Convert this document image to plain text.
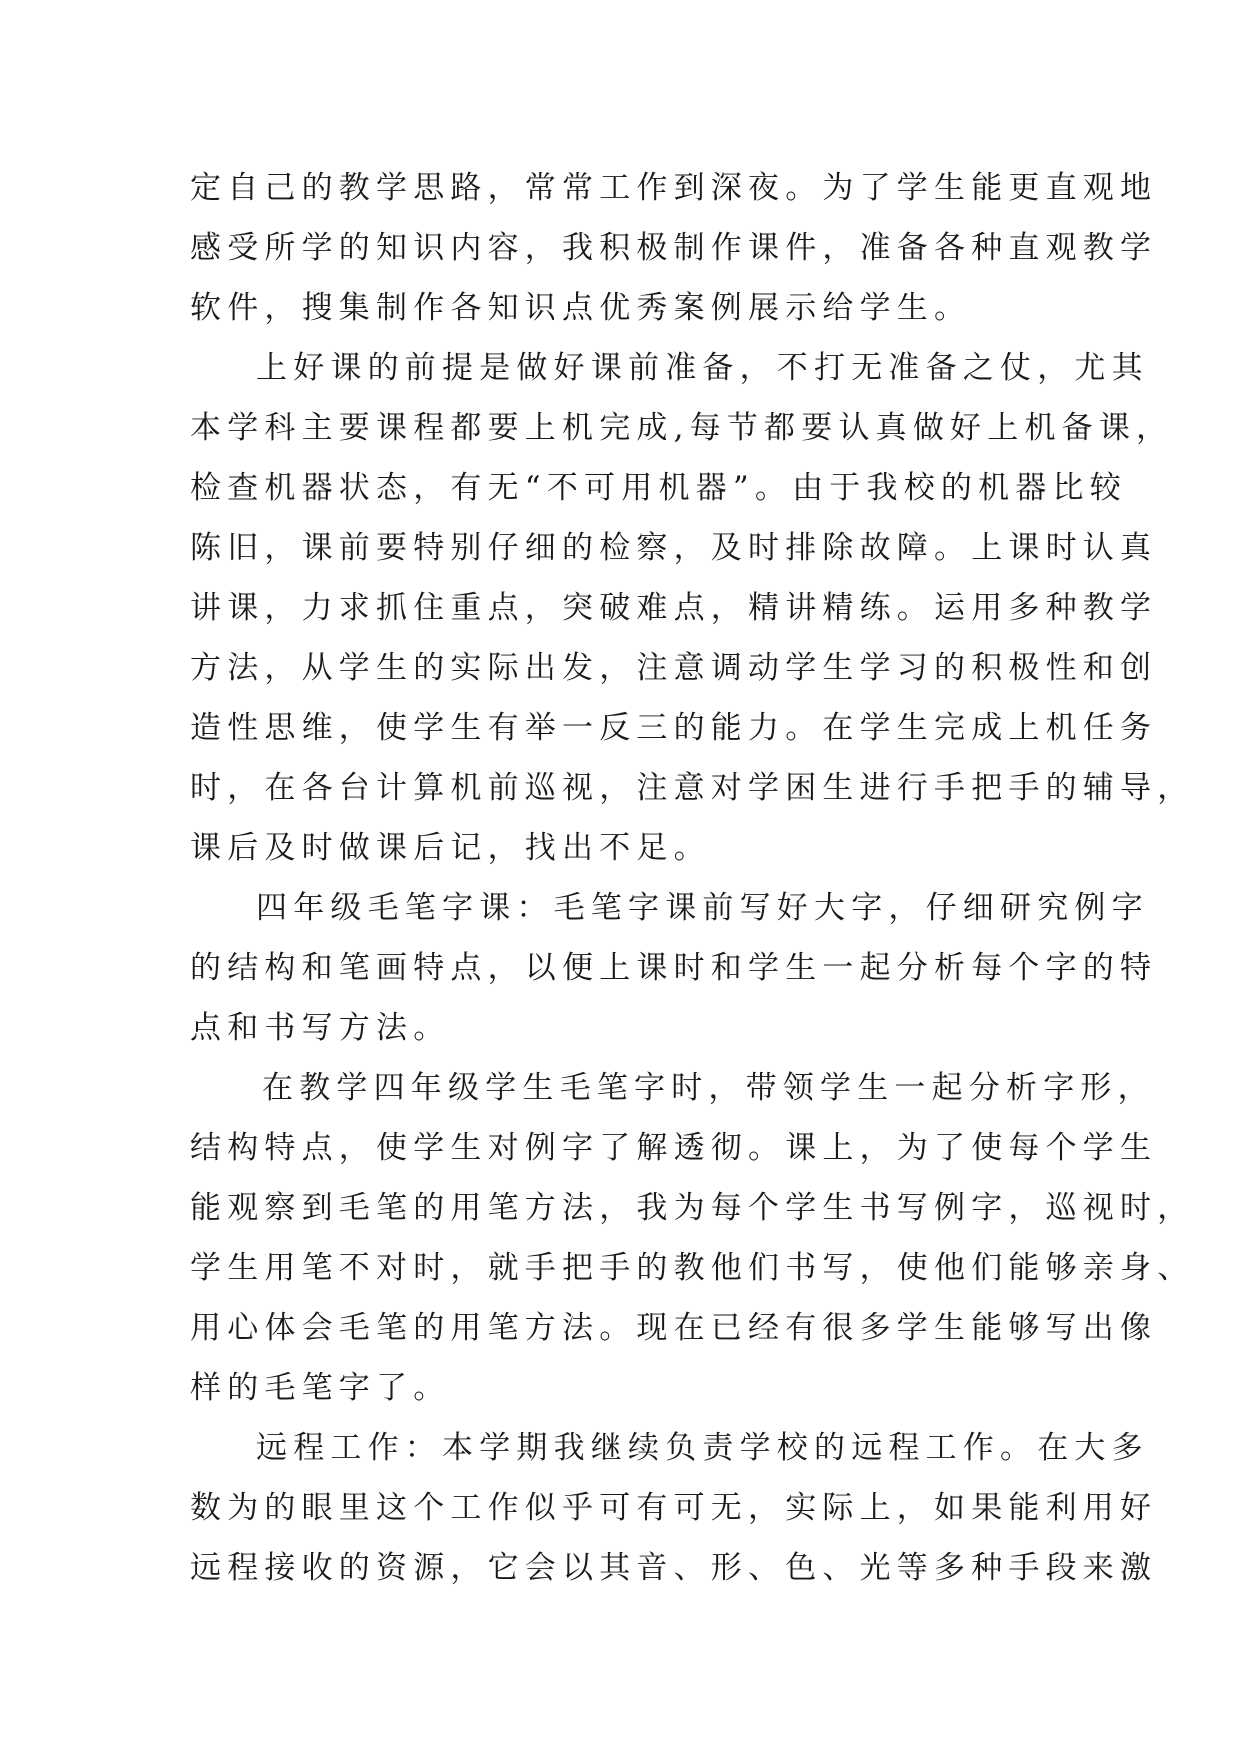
定自己的教学思路，常常工作到深夜。为了学生能更直观地
感受所学的知识内容，我积极制作课件，准备各种直观教学
软件，搜集制作各知识点优秀案例展示给学生。
上好课的前提是做好课前准备，不打无准备之仗，尤其
本学科主要课程都要上机完成,每节都要认真做好上机备课，
检查机器状态，有无“不可用机器”。由于我校的机器比较
陈旧，课前要特别仔细的检察，及时排除故障。上课时认真
讲课，力求抓住重点，突破难点，精讲精练。运用多种教学
方法，从学生的实际出发，注意调动学生学习的积极性和创
造性思维，使学生有举一反三的能力。在学生完成上机任务
时，在各台计算机前巡视，注意对学困生进行手把手的辅导，
课后及时做课后记，找出不足。
四年级毛笔字课：毛笔字课前写好大字，仔细研究例字
的结构和笔画特点，以便上课时和学生一起分析每个字的特
点和书写方法。
在教学四年级学生毛笔字时，带领学生一起分析字形，
结构特点，使学生对例字了解透彻。课上，为了使每个学生
能观察到毛笔的用笔方法，我为每个学生书写例字，巡视时，
学生用笔不对时，就手把手的教他们书写，使他们能够亲身、
用心体会毛笔的用笔方法。现在已经有很多学生能够写出像
样的毛笔字了。
远程工作：本学期我继续负责学校的远程工作。在大多
数为的眼里这个工作似乎可有可无，实际上，如果能利用好
远程接收的资源，它会以其音、形、色、光等多种手段来激
